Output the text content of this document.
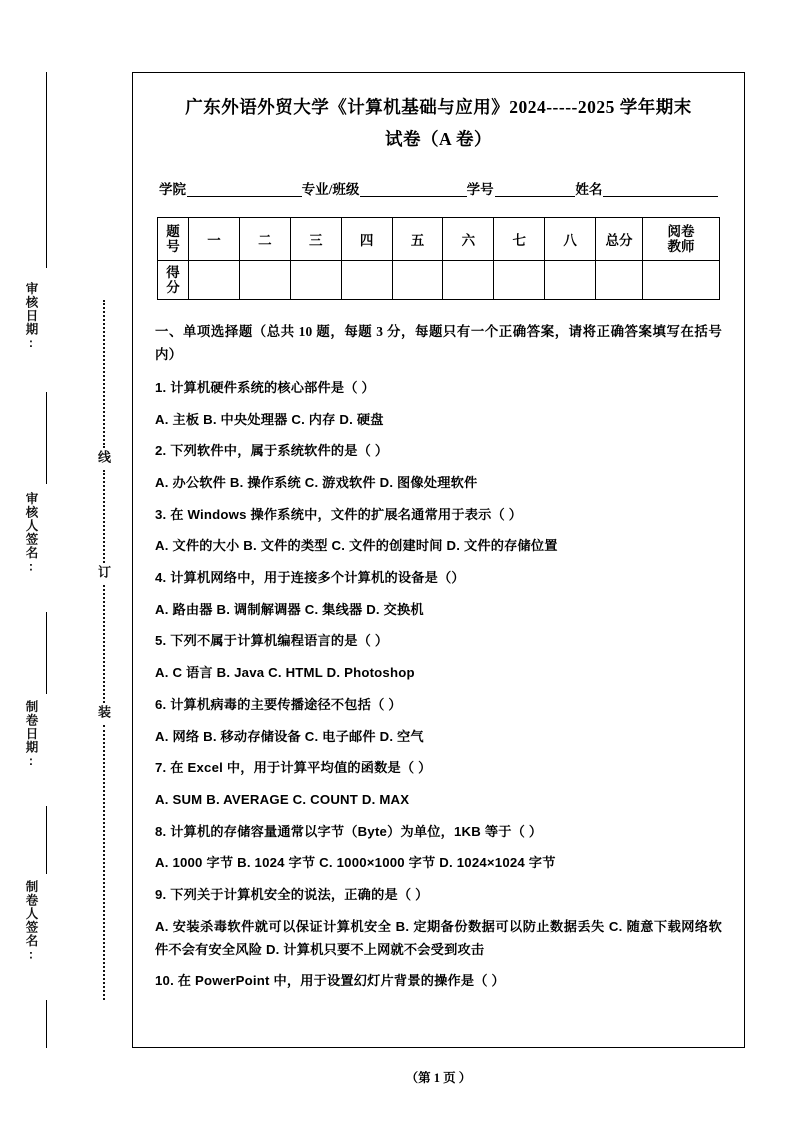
审核日期:
审核人签名:
制卷日期:
制卷人签名:
线
订
装
广东外语外贸大学《计算机基础与应用》2024-----2025 学年期末
试卷（A 卷）
学院	专业/班级	学号	姓名
题
号	一	二	三	四	五	六	七	八	总分	阅卷
教师

得
分										

一、单项选择题（总共 10 题，每题 3 分，每题只有一个正确答案，请将正确答案填写在括号内）
1. 计算机硬件系统的核心部件是（ ）
A. 主板 B. 中央处理器 C. 内存 D. 硬盘
2. 下列软件中，属于系统软件的是（ ）
A. 办公软件 B. 操作系统 C. 游戏软件 D. 图像处理软件
3. 在 Windows 操作系统中，文件的扩展名通常用于表示（ ）
A. 文件的大小 B. 文件的类型 C. 文件的创建时间 D. 文件的存储位置
4. 计算机网络中，用于连接多个计算机的设备是（）
A. 路由器 B. 调制解调器 C. 集线器 D. 交换机
5. 下列不属于计算机编程语言的是（ ）
A. C 语言 B. Java C. HTML D. Photoshop
6. 计算机病毒的主要传播途径不包括（ ）
A. 网络 B. 移动存储设备 C. 电子邮件 D. 空气
7. 在 Excel 中，用于计算平均值的函数是（ ）
A. SUM B. AVERAGE C. COUNT D. MAX
8. 计算机的存储容量通常以字节（Byte）为单位，1KB 等于（ ）
A. 1000 字节 B. 1024 字节 C. 1000×1000 字节 D. 1024×1024 字节
9. 下列关于计算机安全的说法，正确的是（ ）
A. 安装杀毒软件就可以保证计算机安全 B. 定期备份数据可以防止数据丢失 C. 随意下载网络软件不会有安全风险 D. 计算机只要不上网就不会受到攻击
10. 在 PowerPoint 中，用于设置幻灯片背景的操作是（ ）
（第 1 页 ）
